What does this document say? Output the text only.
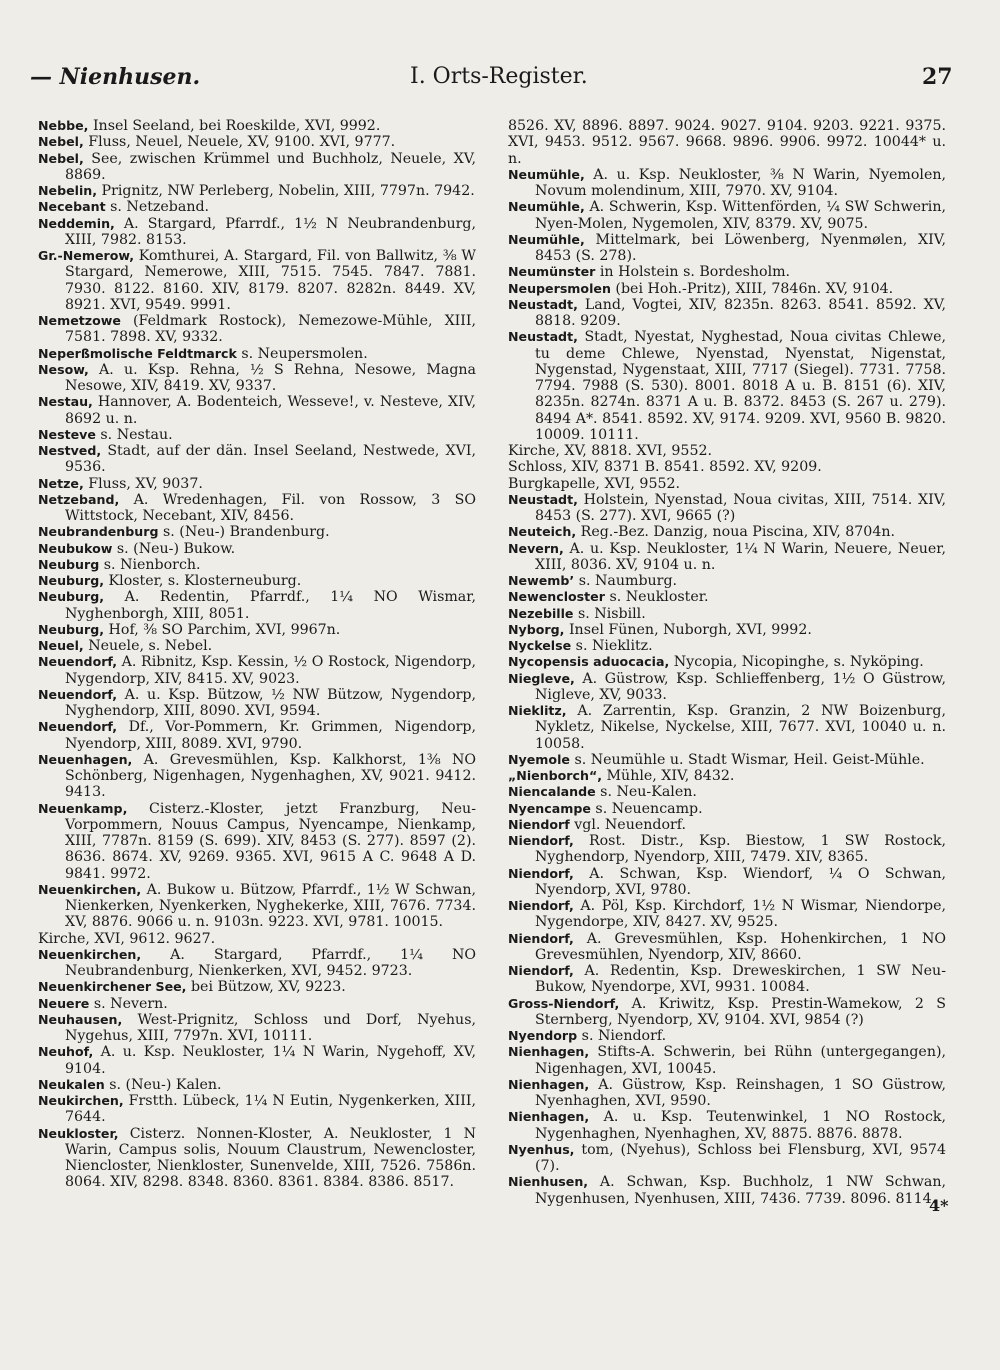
— Nienhusen.	I. Orts-Register.	27
Nebbe, Insel Seeland, bei Roeskilde, XVI, 9992.
Nebel, Fluss, Neuel, Neuele, XV, 9100. XVI, 9777.
Nebel, See, zwischen Krümmel und Buchholz, Neuele, XV, 8869.
Nebelin, Prignitz, NW Perleberg, Nobelin, XIII, 7797n. 7942.
Necebant s. Netzeband.
Neddemin, A. Stargard, Pfarrdf., 1½ N Neubrandenburg, XIII, 7982. 8153.
Gr.-Nemerow, Komthurei, A. Stargard, Fil. von Ballwitz, ⅜ W Stargard, Nemerowe, XIII, 7515. 7545. 7847. 7881. 7930. 8122. 8160. XIV, 8179. 8207. 8282n. 8449. XV, 8921. XVI, 9549. 9991.
Nemetzowe (Feldmark Rostock), Nemezowe-Mühle, XIII, 7581. 7898. XV, 9332.
Neperßmolische Feldtmarck s. Neupersmolen.
Nesow, A. u. Ksp. Rehna, ½ S Rehna, Nesowe, Magna Nesowe, XIV, 8419. XV, 9337.
Nestau, Hannover, A. Bodenteich, Wesseve!, v. Nesteve, XIV, 8692 u. n.
Nesteve s. Nestau.
Nestved, Stadt, auf der dän. Insel Seeland, Nestwede, XVI, 9536.
Netze, Fluss, XV, 9037.
Netzeband, A. Wredenhagen, Fil. von Rossow, 3 SO Wittstock, Necebant, XIV, 8456.
Neubrandenburg s. (Neu-) Brandenburg.
Neubukow s. (Neu-) Bukow.
Neuburg s. Nienborch.
Neuburg, Kloster, s. Klosterneuburg.
Neuburg, A. Redentin, Pfarrdf., 1¼ NO Wismar, Nyghenborgh, XIII, 8051.
Neuburg, Hof, ⅜ SO Parchim, XVI, 9967n.
Neuel, Neuele, s. Nebel.
Neuendorf, A. Ribnitz, Ksp. Kessin, ½ O Rostock, Nigendorp, Nygendorp, XIV, 8415. XV, 9023.
Neuendorf, A. u. Ksp. Bützow, ½ NW Bützow, Nygendorp, Nyghendorp, XIII, 8090. XVI, 9594.
Neuendorf, Df., Vor-Pommern, Kr. Grimmen, Nigendorp, Nyendorp, XIII, 8089. XVI, 9790.
Neuenhagen, A. Grevesmühlen, Ksp. Kalkhorst, 1⅜ NO Schönberg, Nigenhagen, Nygenhaghen, XV, 9021. 9412. 9413.
Neuenkamp, Cisterz.-Kloster, jetzt Franzburg, Neu-Vorpommern, Nouus Campus, Nyencampe, Nienkamp, XIII, 7787n. 8159 (S. 699). XIV, 8453 (S. 277). 8597 (2). 8636. 8674. XV, 9269. 9365. XVI, 9615 A C. 9648 A D. 9841. 9972.
Neuenkirchen, A. Bukow u. Bützow, Pfarrdf., 1½ W Schwan, Nienkerken, Nyenkerken, Nyghekerke, XIII, 7676. 7734. XV, 8876. 9066 u. n. 9103n. 9223. XVI, 9781. 10015.
Kirche, XVI, 9612. 9627.
Neuenkirchen, A. Stargard, Pfarrdf., 1¼ NO Neubrandenburg, Nienkerken, XVI, 9452. 9723.
Neuenkirchener See, bei Bützow, XV, 9223.
Neuere s. Nevern.
Neuhausen, West-Prignitz, Schloss und Dorf, Nyehus, Nygehus, XIII, 7797n. XVI, 10111.
Neuhof, A. u. Ksp. Neukloster, 1¼ N Warin, Nygehoff, XV, 9104.
Neukalen s. (Neu-) Kalen.
Neukirchen, Frstth. Lübeck, 1¼ N Eutin, Nygenkerken, XIII, 7644.
Neukloster, Cisterz. Nonnen-Kloster, A. Neukloster, 1 N Warin, Campus solis, Nouum Claustrum, Newencloster, Niencloster, Nienkloster, Sunenvelde, XIII, 7526. 7586n. 8064. XIV, 8298. 8348. 8360. 8361. 8384. 8386. 8517.
8526. XV, 8896. 8897. 9024. 9027. 9104. 9203. 9221. 9375. XVI, 9453. 9512. 9567. 9668. 9896. 9906. 9972. 10044* u. n.
Neumühle, A. u. Ksp. Neukloster, ⅜ N Warin, Nyemolen, Novum molendinum, XIII, 7970. XV, 9104.
Neumühle, A. Schwerin, Ksp. Wittenförden, ¼ SW Schwerin, Nyen-Molen, Nygemolen, XIV, 8379. XV, 9075.
Neumühle, Mittelmark, bei Löwenberg, Nyenmølen, XIV, 8453 (S. 278).
Neumünster in Holstein s. Bordesholm.
Neupersmolen (bei Hoh.-Pritz), XIII, 7846n. XV, 9104.
Neustadt, Land, Vogtei, XIV, 8235n. 8263. 8541. 8592. XV, 8818. 9209.
Neustadt, Stadt, Nyestat, Nyghestad, Noua civitas Chlewe, tu deme Chlewe, Nyenstad, Nyenstat, Nigenstat, Nygenstad, Nygenstaat, XIII, 7717 (Siegel). 7731. 7758. 7794. 7988 (S. 530). 8001. 8018 A u. B. 8151 (6). XIV, 8235n. 8274n. 8371 A u. B. 8372. 8453 (S. 267 u. 279). 8494 A*. 8541. 8592. XV, 9174. 9209. XVI, 9560 B. 9820. 10009. 10111.
Kirche, XV, 8818. XVI, 9552.
Schloss, XIV, 8371 B. 8541. 8592. XV, 9209.
Burgkapelle, XVI, 9552.
Neustadt, Holstein, Nyenstad, Noua civitas, XIII, 7514. XIV, 8453 (S. 277). XVI, 9665 (?)
Neuteich, Reg.-Bez. Danzig, noua Piscina, XIV, 8704n.
Nevern, A. u. Ksp. Neukloster, 1¼ N Warin, Neuere, Neuer, XIII, 8036. XV, 9104 u. n.
Newemb’ s. Naumburg.
Newencloster s. Neukloster.
Nezebille s. Nisbill.
Nyborg, Insel Fünen, Nuborgh, XVI, 9992.
Nyckelse s. Nieklitz.
Nycopensis aduocacia, Nycopia, Nicopinghe, s. Nyköping.
Niegleve, A. Güstrow, Ksp. Schlieffenberg, 1½ O Güstrow, Nigleve, XV, 9033.
Nieklitz, A. Zarrentin, Ksp. Granzin, 2 NW Boizenburg, Nykletz, Nikelse, Nyckelse, XIII, 7677. XVI, 10040 u. n. 10058.
Nyemole s. Neumühle u. Stadt Wismar, Heil. Geist-Mühle.
„Nienborch“, Mühle, XIV, 8432.
Niencalande s. Neu-Kalen.
Nyencampe s. Neuencamp.
Niendorf vgl. Neuendorf.
Niendorf, Rost. Distr., Ksp. Biestow, 1 SW Rostock, Nyghendorp, Nyendorp, XIII, 7479. XIV, 8365.
Niendorf, A. Schwan, Ksp. Wiendorf, ¼ O Schwan, Nyendorp, XVI, 9780.
Niendorf, A. Pöl, Ksp. Kirchdorf, 1½ N Wismar, Niendorpe, Nygendorpe, XIV, 8427. XV, 9525.
Niendorf, A. Grevesmühlen, Ksp. Hohenkirchen, 1 NO Grevesmühlen, Nyendorp, XIV, 8660.
Niendorf, A. Redentin, Ksp. Dreweskirchen, 1 SW Neu-Bukow, Nyendorpe, XVI, 9931. 10084.
Gross-Niendorf, A. Kriwitz, Ksp. Prestin-Wamekow, 2 S Sternberg, Nyendorp, XV, 9104. XVI, 9854 (?)
Nyendorp s. Niendorf.
Nienhagen, Stifts-A. Schwerin, bei Rühn (untergegangen), Nigenhagen, XVI, 10045.
Nienhagen, A. Güstrow, Ksp. Reinshagen, 1 SO Güstrow, Nyenhaghen, XVI, 9590.
Nienhagen, A. u. Ksp. Teutenwinkel, 1 NO Rostock, Nygenhaghen, Nyenhaghen, XV, 8875. 8876. 8878.
Nyenhus, tom, (Nyehus), Schloss bei Flensburg, XVI, 9574 (7).
Nienhusen, A. Schwan, Ksp. Buchholz, 1 NW Schwan, Nygenhusen, Nyenhusen, XIII, 7436. 7739. 8096. 8114.
4*
